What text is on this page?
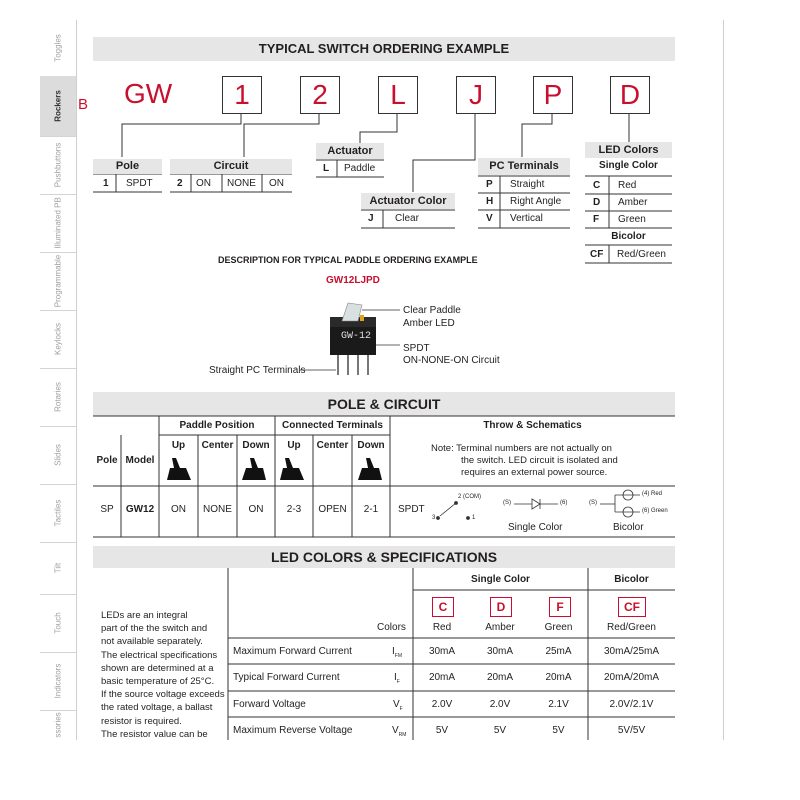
Toggles
Rockers
Pushbuttons
Illuminated PB
Programmable
Keylocks
Rotaries
Slides
Tactiles
Tilt
Touch
Indicators
ssories
B
TYPICAL SWITCH ORDERING EXAMPLE
GW	1	2	L	J	P	D
Pole
1 SPDT
Circuit
2 ON NONE ON
Actuator
L Paddle
Actuator Color
J Clear
PC Terminals
P Straight
H Right Angle
V Vertical
LED Colors
Single Color
C Red
D Amber
F Green
Bicolor
CF Red/Green
DESCRIPTION FOR TYPICAL PADDLE ORDERING EXAMPLE
GW12LJPD
GW-12
Clear Paddle
Amber LED
SPDT
ON-NONE-ON Circuit
Straight PC Terminals
POLE & CIRCUIT
Paddle Position	Connected Terminals	Throw & Schematics
Pole Model
Up	Center Down	Up	Center Down	Note: Terminal numbers are not actually on
the switch. LED circuit is isolated and
requires an external power source.
SP	GW12	ON	NONE	ON	2-3	OPEN	2-1	SPDT
2 (COM)
3	1
(S)	(6)	(S)
(4) Red
(6) Green
Single Color	Bicolor
LED COLORS & SPECIFICATIONS
Single Color	Bicolor
Colors
C	D	F	CF
Red	Amber	Green	Red/Green
LEDs are an integral
part of the the switch and
not available separately.
The electrical specifications
shown are determined at a
basic temperature of 25°C.
If the source voltage exceeds
the rated voltage, a ballast
resistor is required.
The resistor value can be
Maximum Forward Current	$I_{FM}$	30mA	30mA	25mA	30mA/25mA
Typical Forward Current	$I_F$	20mA	20mA	20mA	20mA/20mA
Forward Voltage	$V_F$	2.0V	2.0V	2.1V	2.0V/2.1V
Maximum Reverse Voltage	$V_{RM}$	5V	5V	5V	5V/5V
